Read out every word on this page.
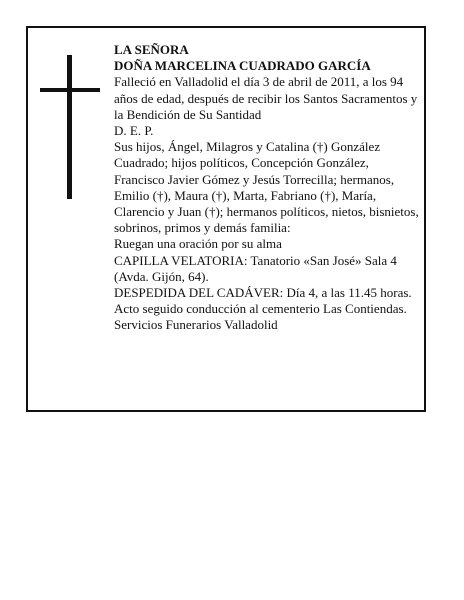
LA SEÑORA

DOÑA MARCELINA CUADRADO GARCÍA

Falleció en Valladolid el día 3 de abril de 2011, a los 94 años de edad, después de recibir los Santos Sacramentos y la Bendición de Su Santidad

D. E. P.

Sus hijos, Ángel, Milagros y Catalina (†) González Cuadrado; hijos políticos, Concepción González, Francisco Javier Gómez y Jesús Torrecilla; hermanos, Emilio (†), Maura (†), Marta, Fabriano (†), María, Clarencio y Juan (†); hermanos políticos, nietos, bisnietos, sobrinos, primos y demás familia:

Ruegan una oración por su alma

CAPILLA VELATORIA: Tanatorio «San José» Sala 4 (Avda. Gijón, 64).

DESPEDIDA DEL CADÁVER: Día 4, a las 11.45 horas. Acto seguido conducción al cementerio Las Contiendas.

Servicios Funerarios Valladolid
